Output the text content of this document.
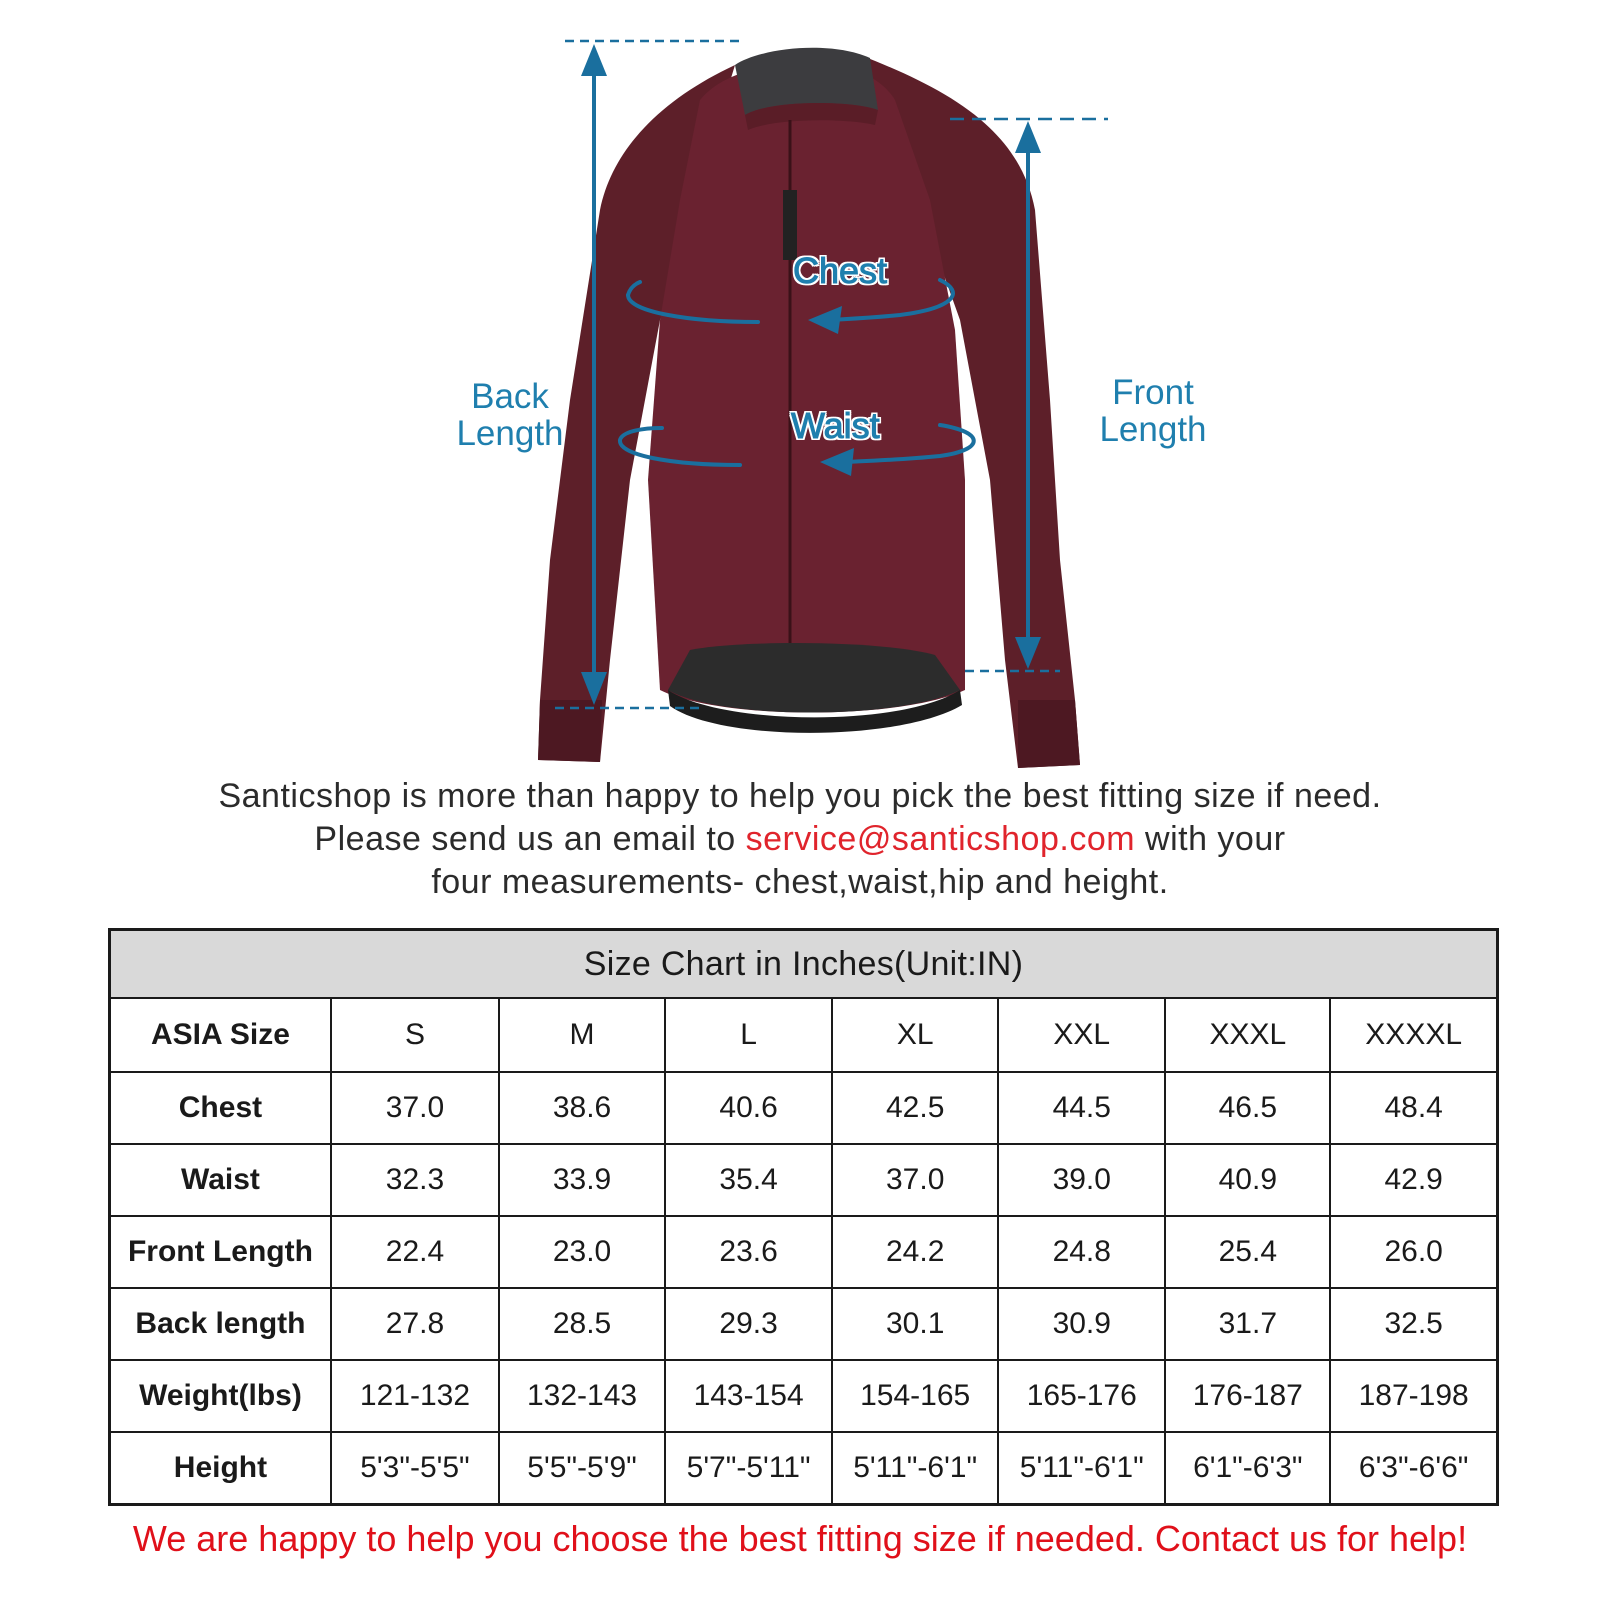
Back
Length
Front
Length
Chest
Waist
Santicshop is more than happy to help you pick the best fitting size if need.
Please send us an email to service@santicshop.com with your
four measurements- chest,waist,hip and height.
Size Chart in Inches(Unit:IN)							
ASIA Size	S	M	L	XL	XXL	XXXL	XXXXL
Chest	37.0	38.6	40.6	42.5	44.5	46.5	48.4
Waist	32.3	33.9	35.4	37.0	39.0	40.9	42.9
Front Length	22.4	23.0	23.6	24.2	24.8	25.4	26.0
Back length	27.8	28.5	29.3	30.1	30.9	31.7	32.5
Weight(lbs)	121-132	132-143	143-154	154-165	165-176	176-187	187-198
Height	5'3"-5'5"	5'5"-5'9"	5'7"-5'11"	5'11"-6'1"	5'11"-6'1"	6'1"-6'3"	6'3"-6'6"
We are happy to help you choose the best fitting size if needed. Contact us for help!
